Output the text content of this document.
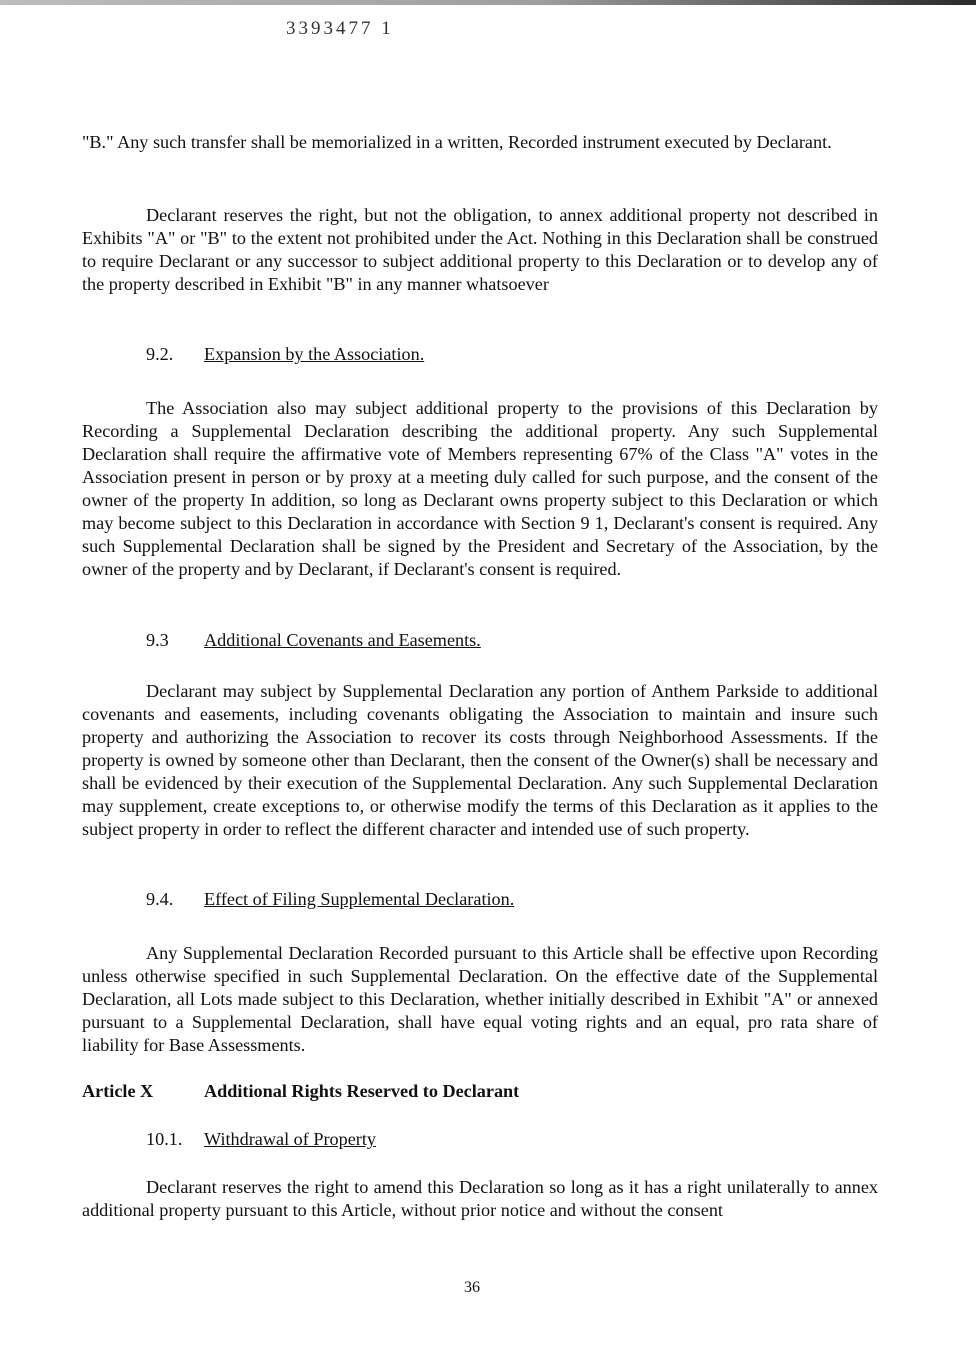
3393477 1

"B." Any such transfer shall be memorialized in a written, Recorded instrument executed by Declarant.

Declarant reserves the right, but not the obligation, to annex additional property not described in Exhibits "A" or "B" to the extent not prohibited under the Act. Nothing in this Declaration shall be construed to require Declarant or any successor to subject additional property to this Declaration or to develop any of the property described in Exhibit "B" in any manner whatsoever

9.2. Expansion by the Association.

The Association also may subject additional property to the provisions of this Declaration by Recording a Supplemental Declaration describing the additional property. Any such Supplemental Declaration shall require the affirmative vote of Members representing 67% of the Class "A" votes in the Association present in person or by proxy at a meeting duly called for such purpose, and the consent of the owner of the property In addition, so long as Declarant owns property subject to this Declaration or which may become subject to this Declaration in accordance with Section 9 1, Declarant's consent is required. Any such Supplemental Declaration shall be signed by the President and Secretary of the Association, by the owner of the property and by Declarant, if Declarant's consent is required.

9.3 Additional Covenants and Easements.

Declarant may subject by Supplemental Declaration any portion of Anthem Parkside to additional covenants and easements, including covenants obligating the Association to maintain and insure such property and authorizing the Association to recover its costs through Neighborhood Assessments. If the property is owned by someone other than Declarant, then the consent of the Owner(s) shall be necessary and shall be evidenced by their execution of the Supplemental Declaration. Any such Supplemental Declaration may supplement, create exceptions to, or otherwise modify the terms of this Declaration as it applies to the subject property in order to reflect the different character and intended use of such property.

9.4. Effect of Filing Supplemental Declaration.

Any Supplemental Declaration Recorded pursuant to this Article shall be effective upon Recording unless otherwise specified in such Supplemental Declaration. On the effective date of the Supplemental Declaration, all Lots made subject to this Declaration, whether initially described in Exhibit "A" or annexed pursuant to a Supplemental Declaration, shall have equal voting rights and an equal, pro rata share of liability for Base Assessments.

Article X	Additional Rights Reserved to Declarant
10.1. Withdrawal of Property

Declarant reserves the right to amend this Declaration so long as it has a right unilaterally to annex additional property pursuant to this Article, without prior notice and without the consent

36
